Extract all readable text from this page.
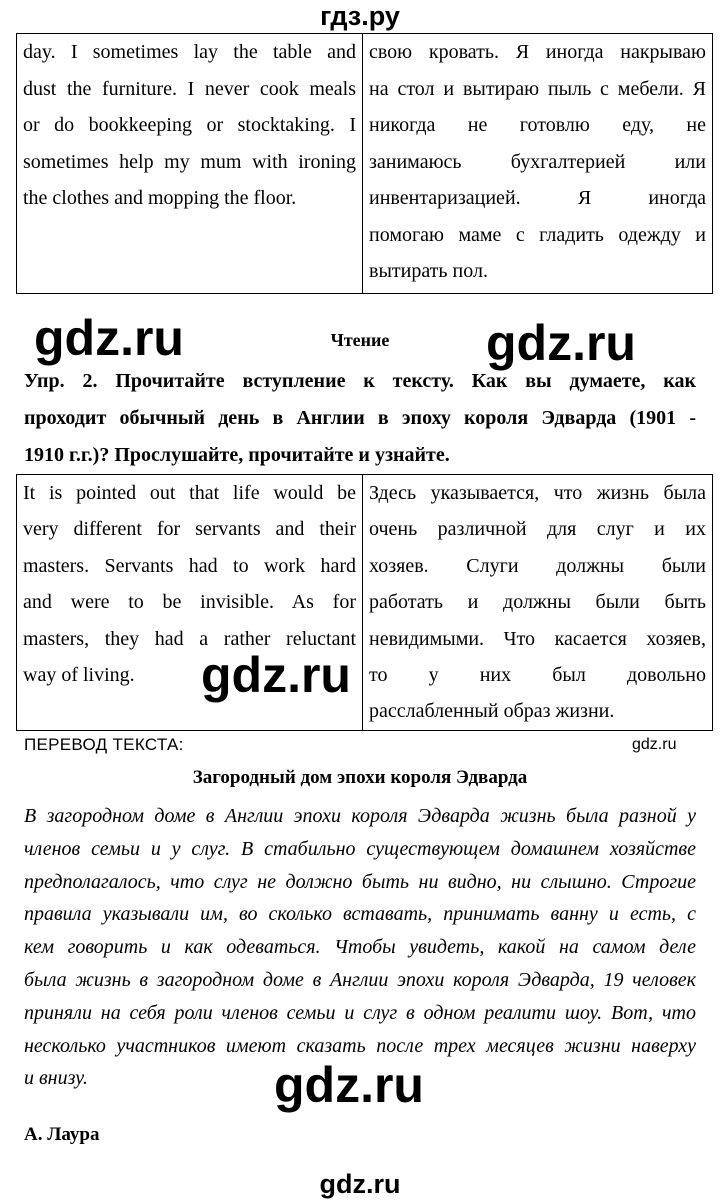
гдз.ру
day. I sometimes lay the table and
dust the furniture. I never cook meals
or do bookkeeping or stocktaking. I
sometimes help my mum with ironing
the clothes and mopping the floor.

свою кровать. Я иногда накрываю
на стол и вытираю пыль с мебели. Я
никогда не готовлю еду, не
занимаюсь бухгалтерией или
инвентаризацией. Я иногда
помогаю маме с гладить одежду и
вытирать пол.
Чтение
Упр. 2. Прочитайте вступление к тексту. Как вы думаете, как
проходит обычный день в Англии в эпоху короля Эдварда (1901 -
1910 г.г.)? Прослушайте, прочитайте и узнайте.
It is pointed out that life would be
very different for servants and their
masters. Servants had to work hard
and were to be invisible. As for
masters, they had a rather reluctant
way of living.

Здесь указывается, что жизнь была
очень различной для слуг и их
хозяев. Слуги должны были
работать и должны были быть
невидимыми. Что касается хозяев,
то у них был довольно
расслабленный образ жизни.
ПЕРЕВОД ТЕКСТА:
Загородный дом эпохи короля Эдварда
В загородном доме в Англии эпохи короля Эдварда жизнь была разной у
членов семьи и у слуг. В стабильно существующем домашнем хозяйстве
предполагалось, что слуг не должно быть ни видно, ни слышно. Строгие
правила указывали им, во сколько вставать, принимать ванну и есть, с
кем говорить и как одеваться. Чтобы увидеть, какой на самом деле
была жизнь в загородном доме в Англии эпохи короля Эдварда, 19 человек
приняли на себя роли членов семьи и слуг в одном реалити шоу. Вот, что
несколько участников имеют сказать после трех месяцев жизни наверху
и внизу.
A. Лаура
gdz.ru	gdz.ru
gdz.ru
gdz.ru
gdz.ru
gdz.ru
